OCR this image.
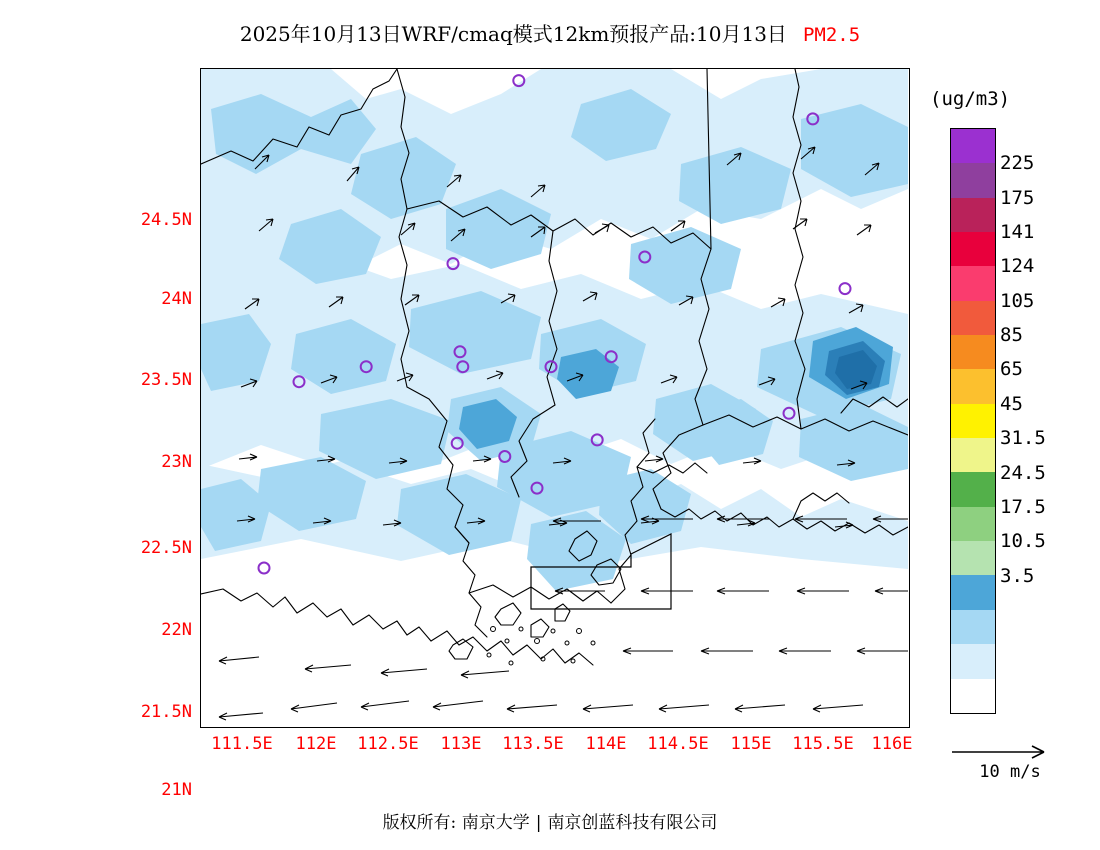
2025年10月13日WRF/cmaq模式12km预报产品:10月13日 PM2.5
24.5N
24N
23.5N
23N
22.5N
22N
21.5N
21N
111.5E 112E 112.5E 113E 113.5E 114E 114.5E 115E 115.5E 116E
(ug/m3)
225
175
141
124
105
85
65
45
31.5
24.5
17.5
10.5
3.5
10 m/s
版权所有: 南京大学 | 南京创蓝科技有限公司
